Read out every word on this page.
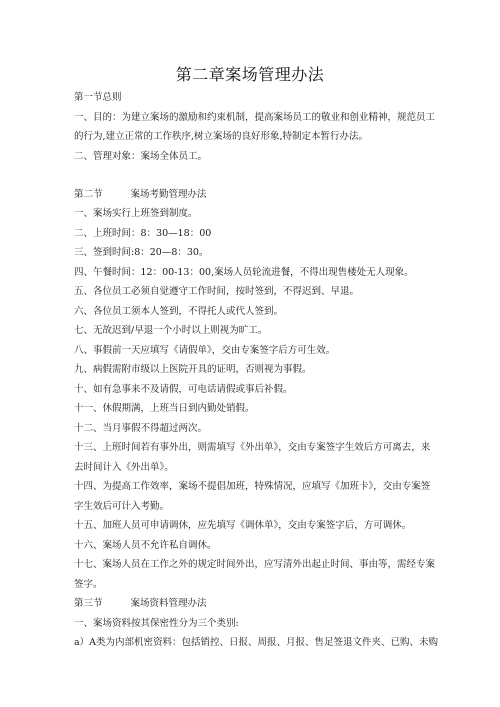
第二章案场管理办法
第一节总则
一、目的：为建立案场的激励和约束机制，提高案场员工的敬业和创业精神，规范员工
的行为,建立正常的工作秩序,树立案场的良好形象,特制定本暂行办法。
二、管理对象：案场全体员工。
第二节	案场考勤管理办法
一、案场实行上班签到制度。
二、上班时间：8：30—18：00
三、签到时间:8：20—8：30。
四、午餐时间：12：00-13：00,案场人员轮流进餐，不得出现售楼处无人现象。
五、各位员工必须自觉遵守工作时间，按时签到，不得迟到、早退。
六、各位员工须本人签到，不得托人或代人签到。
七、无故迟到/早退一个小时以上则视为旷工。
八、事假前一天应填写《请假单》，交由专案签字后方可生效。
九、病假需附市级以上医院开具的证明，否则视为事假。
十、如有急事来不及请假，可电话请假或事后补假。
十一、休假期满，上班当日到内勤处销假。
十二、当月事假不得超过两次。
十三、上班时间若有事外出，则需填写《外出单》，交由专案签字生效后方可离去，来
去时间计入《外出单》。
十四、为提高工作效率，案场不提倡加班，特殊情况，应填写《加班卡》，交由专案签
字生效后可计入考勤。
十五、加班人员可申请调休，应先填写《调休单》，交由专案签字后，方可调休。
十六、案场人员不允许私自调休。
十七、案场人员在工作之外的规定时间外出，应写清外出起止时间、事由等，需经专案
签字。
第三节	案场资料管理办法
一、案场资料按其保密性分为三个类别:
a）A类为内部机密资料：包括销控、日报、周报、月报、售足签退文件夹、已购、未购
